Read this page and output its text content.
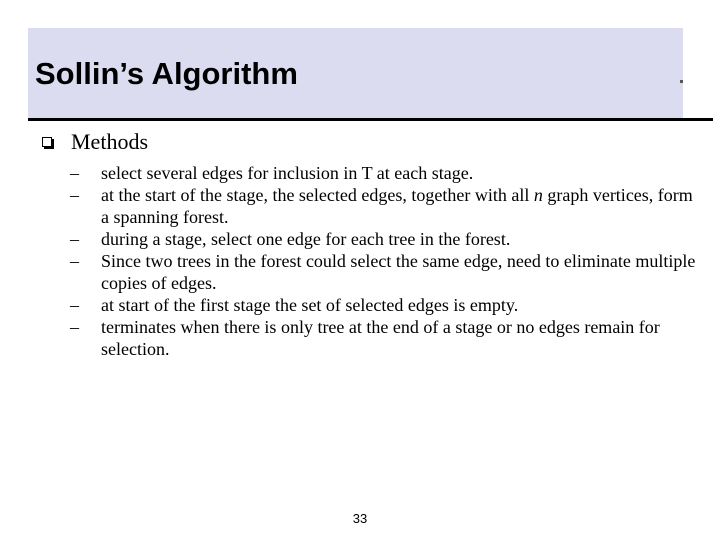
Sollin’s Algorithm
Methods
– select several edges for inclusion in T at each stage.
– at the start of the stage, the selected edges, together with all n graph vertices, form a spanning forest.
– during a stage, select one edge for each tree in the forest.
– Since two trees in the forest could select the same edge, need to eliminate multiple copies of edges.
– at start of the first stage the set of selected edges is empty.
– terminates when there is only tree at the end of a stage or no edges remain for selection.
33
